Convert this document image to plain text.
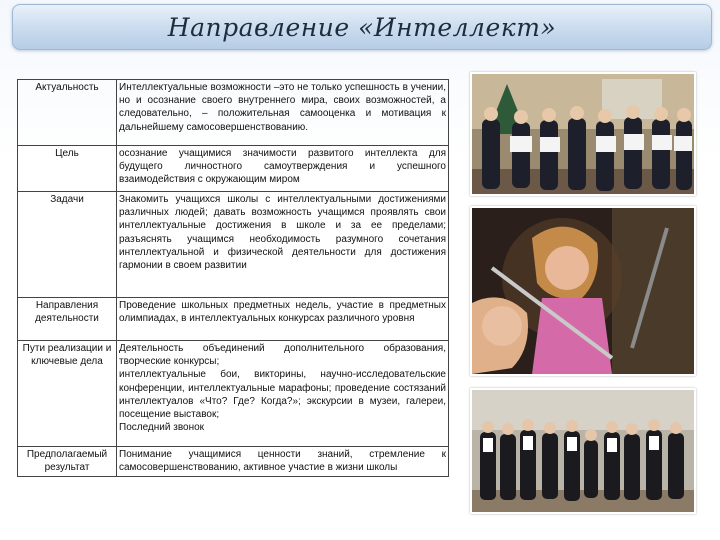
Направление «Интеллект»
Актуальность	Интеллектуальные возможности –это не только успешность в учении, но и осознание своего внутреннего мира, своих возможностей, а следовательно, – положительная самооценка и мотивация к дальнейшему самосовершенствованию.

Цель	осознание учащимися значимости развитого интеллекта для будущего личностного самоутверждения и успешного взаимодействия с окружающим миром

Задачи	Знакомить учащихся школы с интеллектуальными достижениями различных людей; давать возможность учащимся проявлять свои интеллектуальные достижения в школе и за ее пределами; разъяснять учащимся необходимость разумного сочетания интеллектуальной и физической деятельности для достижения гармонии в своем развитии

Направления деятельности	Проведение школьных предметных недель, участие в предметных олимпиадах, в интеллектуальных конкурсах различного уровня

Пути реализации и ключевые дела	Деятельность объединений дополнительного образования, творческие конкурсы;
интеллектуальные бои, викторины, научно-исследовательские конференции, интеллектуальные марафоны; проведение состязаний интеллектуалов «Что? Где? Когда?»; экскурсии в музеи, галереи, посещение выставок;
Последний звонок

Предполагаемый результат	Понимание учащимися ценности знаний, стремление к самосовершенствованию, активное участие в жизни школы
